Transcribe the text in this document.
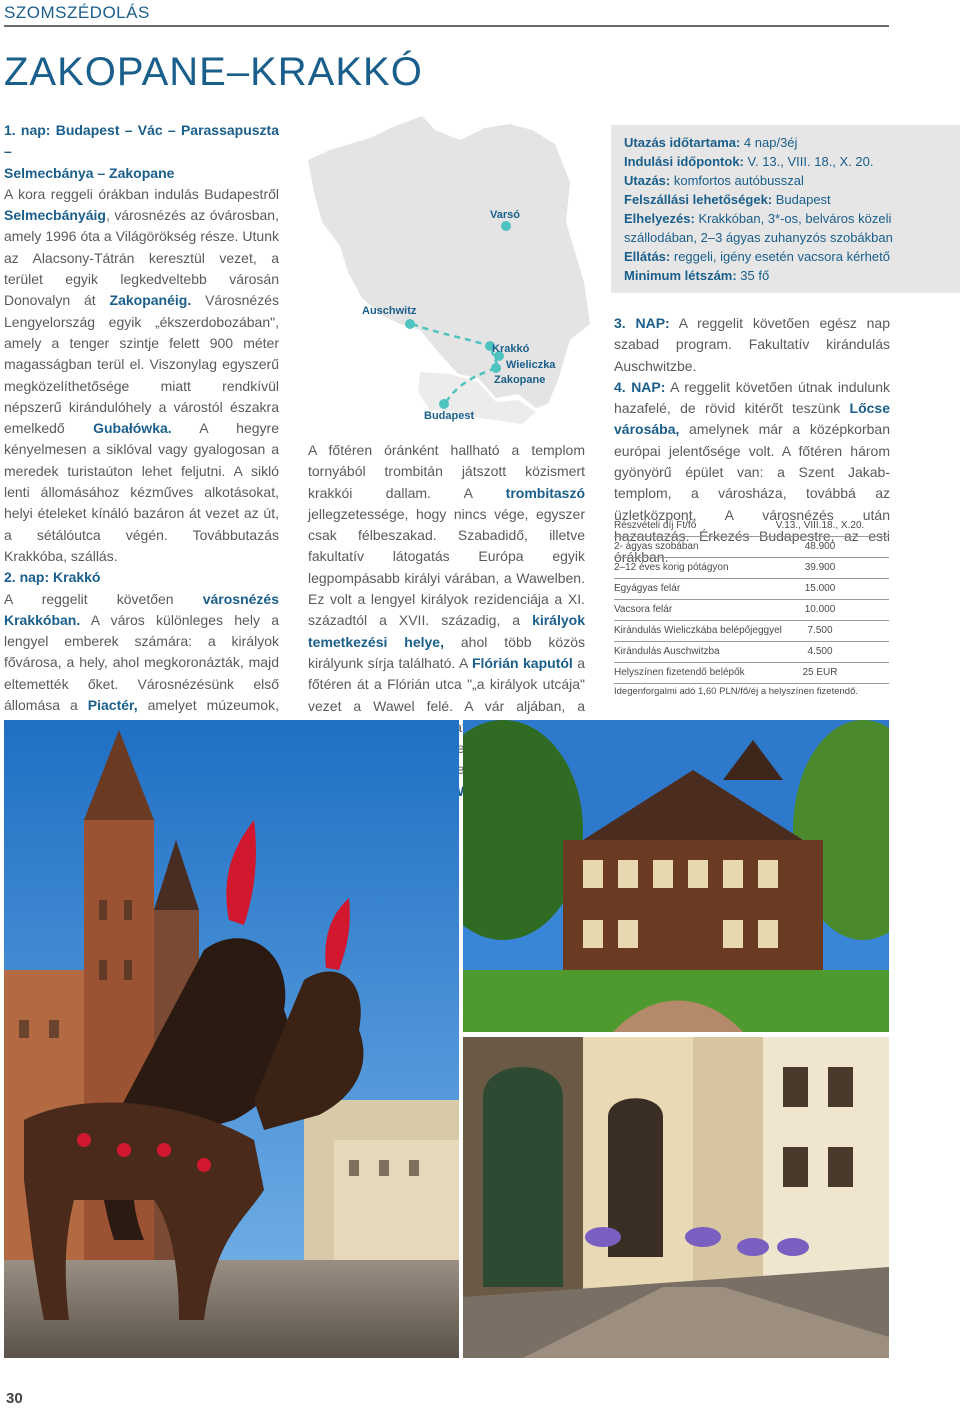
SZOMSZÉDOLÁS
ZAKOPANE–KRAKKÓ

1. nap: Budapest – Vác – Parassapuszta –
Selmecbánya – Zakopane

A kora reggeli órákban indulás Budapestről Selmecbányáig, városnézés az óvárosban, amely 1996 óta a Világörökség része. Utunk az Alacsony-Tátrán keresztül vezet, a terület egyik legkedveltebb városán Donovalyn át Zakopanéig. Városnézés Lengyelország egyik „ékszerdobozában", amely a tenger szintje felett 900 méter magasságban terül el. Viszonylag egyszerű megközelíthetősége miatt rendkívül népszerű kirándulóhely a várostól északra emelkedő Gubałówka. A hegyre kényelmesen a siklóval vagy gyalogosan a meredek turistaúton lehet feljutni. A sikló lenti állomásához kézműves alkotásokat, helyi ételeket kínáló bazáron át vezet az út, a sétálóutca végén. Továbbutazás Krakkóba, szállás.

2. nap: Krakkó

A reggelit követően városnézés Krakkóban. A város különleges hely a lengyel emberek számára: a királyok fővárosa, a hely, ahol megkoronázták, majd eltemették őket. Városnézésünk első állomása a Piactér, amelyet múzeumok,

Varsó
Auschwitz
Krakkó
Wieliczka
Zakopane
Budapest

A főtéren óránként hallható a templom tornyából trombitán játszott közismert krakkói dallam. A trombitaszó jellegzetessége, hogy nincs vége, egyszer csak félbeszakad. Szabadidő, illetve fakultatív látogatás Európa egyik legpompásabb királyi várában, a Wawelben. Ez volt a lengyel királyok rezidenciája a XI. századtól a XVII. századig, a királyok temetkezési helye, ahol több közös királyunk sírja található. A Flórián kaputól a főtéren át a Flórián utca "„a királyok utcája" vezet a Wawel felé. A vár aljában, a

Utazás időtartama: 4 nap/3éj
Indulási időpontok: V. 13., VIII. 18., X. 20.
Utazás: komfortos autóbusszal
Felszállási lehetőségek: Budapest
Elhelyezés: Krakkóban, 3*-os, belváros közeli szállodában, 2–3 ágyas zuhanyzós szobákban
Ellátás: reggeli, igény esetén vacsora kérhető
Minimum létszám: 35 fő

3. NAP: A reggelit követően egész nap szabad program. Fakultatív kirándulás Auschwitzbe.

4. NAP: A reggelit követően útnak indulunk hazafelé, de rövid kitérőt teszünk Lőcse városába, amelynek már a középkorban európai jelentősége volt. A főtéren három gyönyörű épület van: a Szent Jakab-templom, a városháza, továbbá az üzletközpont. A városnézés után hazautazás. Érkezés Budapestre, az esti órákban.

Részvételi díj Ft/fő	V.13., VIII.18., X.20.
2- ágyas szobában	48.900
2–12 éves korig pótágyon	39.900
Egyágyas felár	15.000
Vacsora felár	10.000
Kirándulás Wieliczkába belépőjeggyel	7.500
Kirándulás Auschwitzba	4.500
Helyszínen fizetendő belépők	25 EUR
Idegenforgalmi adó 1,60 PLN/fő/éj a helyszínen fizetendő.
30
